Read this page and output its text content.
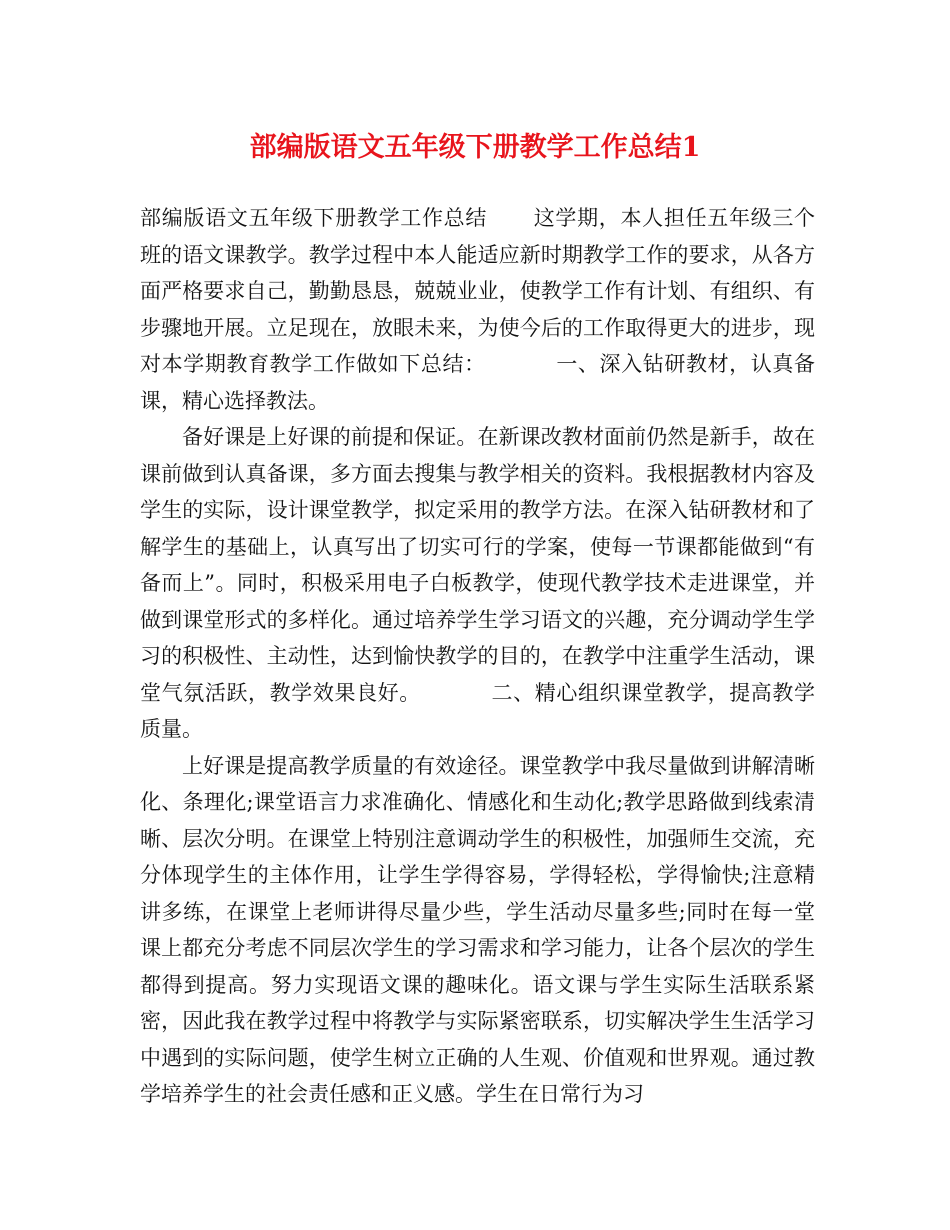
部编版语文五年级下册教学工作总结1

部编版语文五年级下册教学工作总结 这学期，本人担任五年级三个班的语文课教学。教学过程中本人能适应新时期教学工作的要求，从各方面严格要求自己，勤勤恳恳，兢兢业业，使教学工作有计划、有组织、有步骤地开展。立足现在，放眼未来，为使今后的工作取得更大的进步，现对本学期教育教学工作做如下总结：	一、深入钻研教材，认真备课，精心选择教法。

备好课是上好课的前提和保证。在新课改教材面前仍然是新手，故在课前做到认真备课，多方面去搜集与教学相关的资料。我根据教材内容及学生的实际，设计课堂教学，拟定采用的教学方法。在深入钻研教材和了解学生的基础上，认真写出了切实可行的学案，使每一节课都能做到“有备而上”。同时，积极采用电子白板教学，使现代教学技术走进课堂，并做到课堂形式的多样化。通过培养学生学习语文的兴趣，充分调动学生学习的积极性、主动性，达到愉快教学的目的，在教学中注重学生活动，课堂气氛活跃，教学效果良好。	二、精心组织课堂教学，提高教学质量。

上好课是提高教学质量的有效途径。课堂教学中我尽量做到讲解清晰化、条理化;课堂语言力求准确化、情感化和生动化;教学思路做到线索清晰、层次分明。在课堂上特别注意调动学生的积极性，加强师生交流，充分体现学生的主体作用，让学生学得容易，学得轻松，学得愉快;注意精讲多练，在课堂上老师讲得尽量少些，学生活动尽量多些;同时在每一堂课上都充分考虑不同层次学生的学习需求和学习能力，让各个层次的学生都得到提高。努力实现语文课的趣味化。语文课与学生实际生活联系紧密，因此我在教学过程中将教学与实际紧密联系，切实解决学生生活学习中遇到的实际问题，使学生树立正确的人生观、价值观和世界观。通过教学培养学生的社会责任感和正义感。学生在日常行为习
